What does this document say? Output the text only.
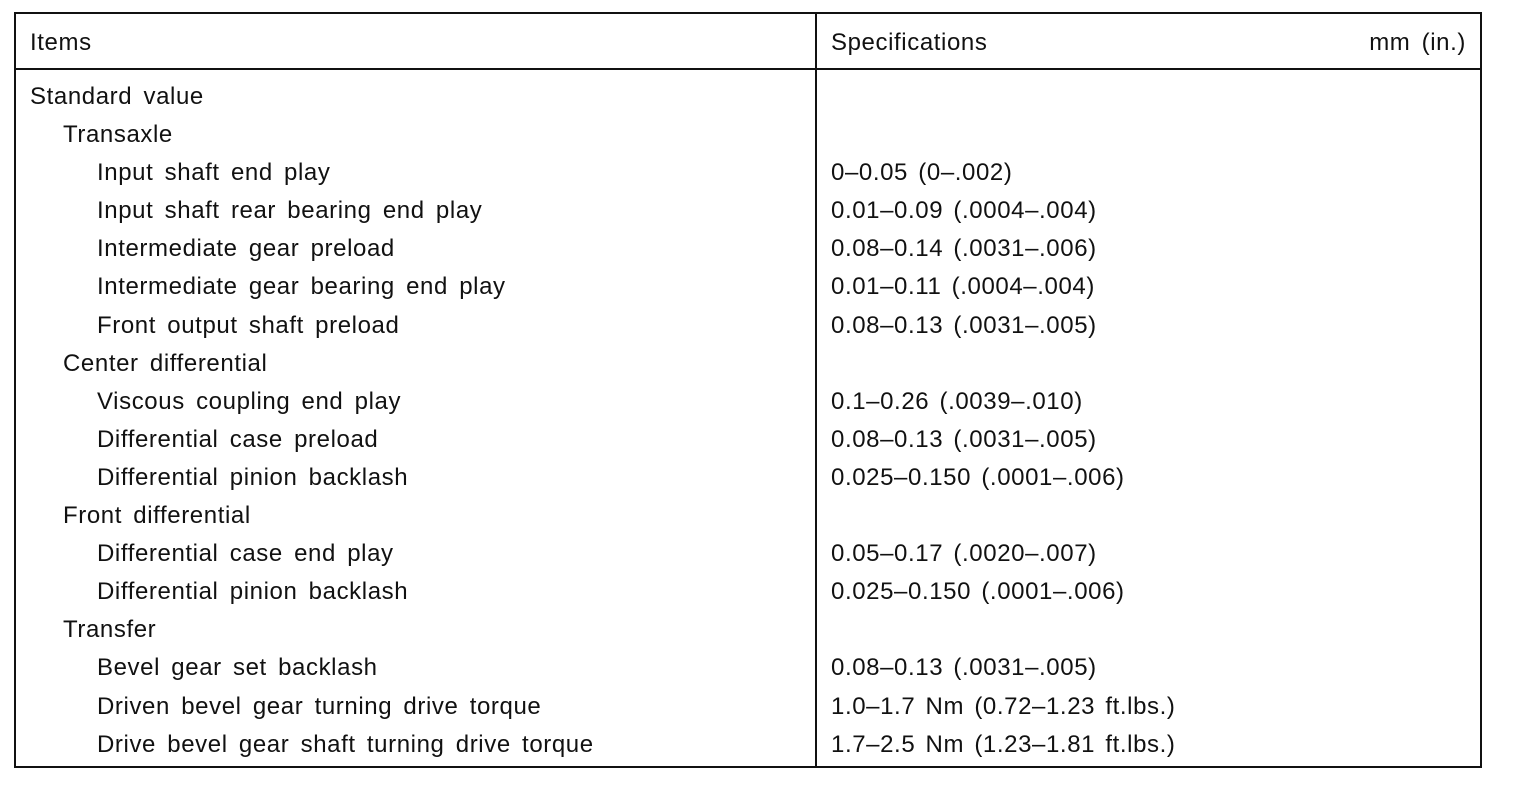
Items	Specifications	mm (in.)
Standard value
Transaxle
Input shaft end play	0–0.05 (0–.002)
Input shaft rear bearing end play	0.01–0.09 (.0004–.004)
Intermediate gear preload	0.08–0.14 (.0031–.006)
Intermediate gear bearing end play	0.01–0.11 (.0004–.004)
Front output shaft preload	0.08–0.13 (.0031–.005)
Center differential
Viscous coupling end play	0.1–0.26 (.0039–.010)
Differential case preload	0.08–0.13 (.0031–.005)
Differential pinion backlash	0.025–0.150 (.0001–.006)
Front differential
Differential case end play	0.05–0.17 (.0020–.007)
Differential pinion backlash	0.025–0.150 (.0001–.006)
Transfer
Bevel gear set backlash	0.08–0.13 (.0031–.005)
Driven bevel gear turning drive torque	1.0–1.7 Nm (0.72–1.23 ft.lbs.)
Drive bevel gear shaft turning drive torque	1.7–2.5 Nm (1.23–1.81 ft.lbs.)
